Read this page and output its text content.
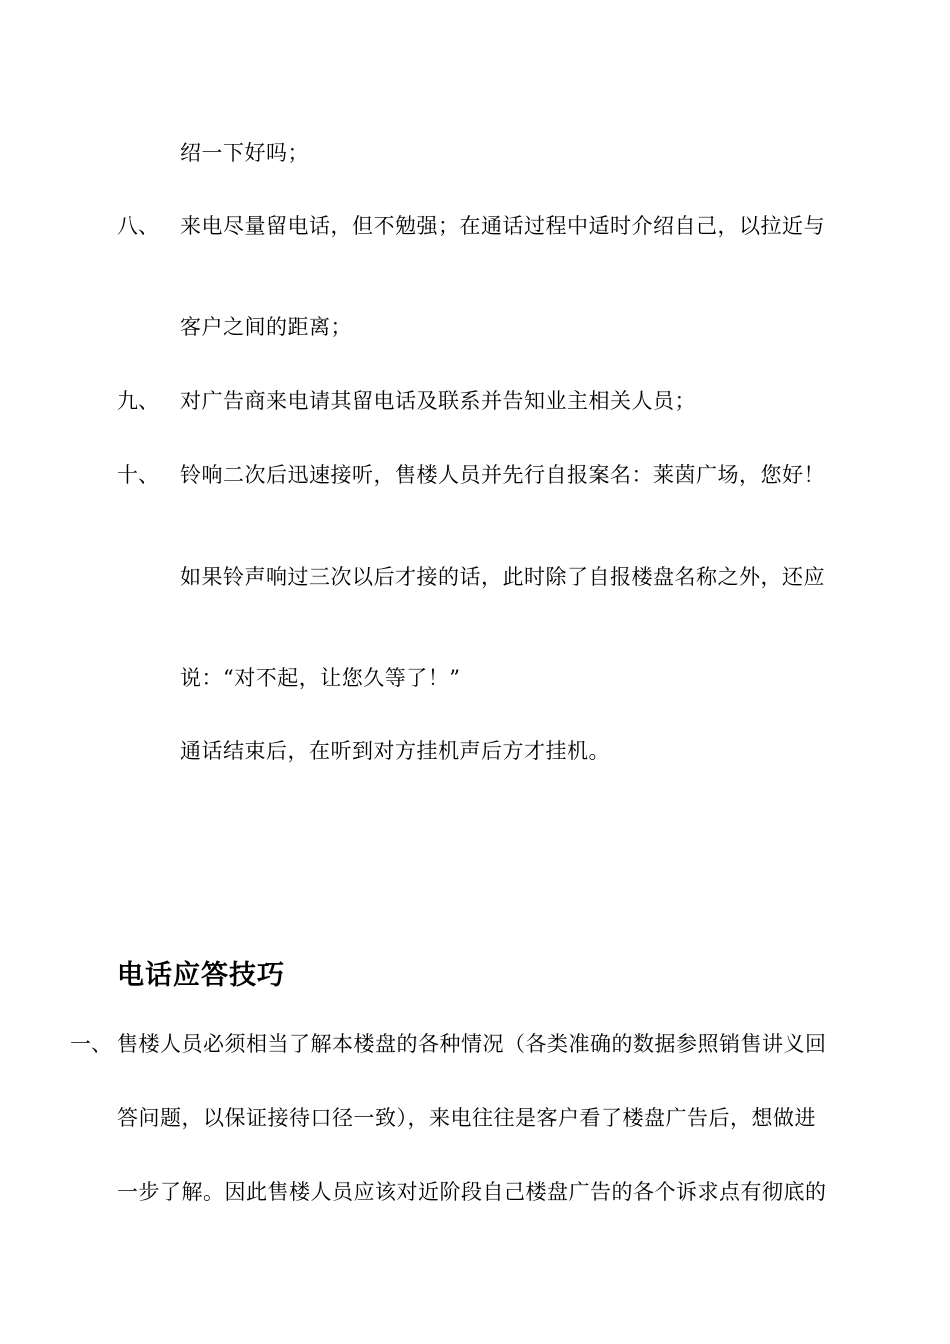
绍一下好吗；
八、 来电尽量留电话，但不勉强；在通话过程中适时介绍自己，以拉近与
客户之间的距离；
九、 对广告商来电请其留电话及联系并告知业主相关人员；
十、 铃响二次后迅速接听，售楼人员并先行自报案名：莱茵广场，您好！
如果铃声响过三次以后才接的话，此时除了自报楼盘名称之外，还应
说：“对不起，让您久等了！”
通话结束后，在听到对方挂机声后方才挂机。
电话应答技巧
一、 售楼人员必须相当了解本楼盘的各种情况（各类准确的数据参照销售讲义回
答问题，以保证接待口径一致），来电往往是客户看了楼盘广告后，想做进
一步了解。因此售楼人员应该对近阶段自己楼盘广告的各个诉求点有彻底的
